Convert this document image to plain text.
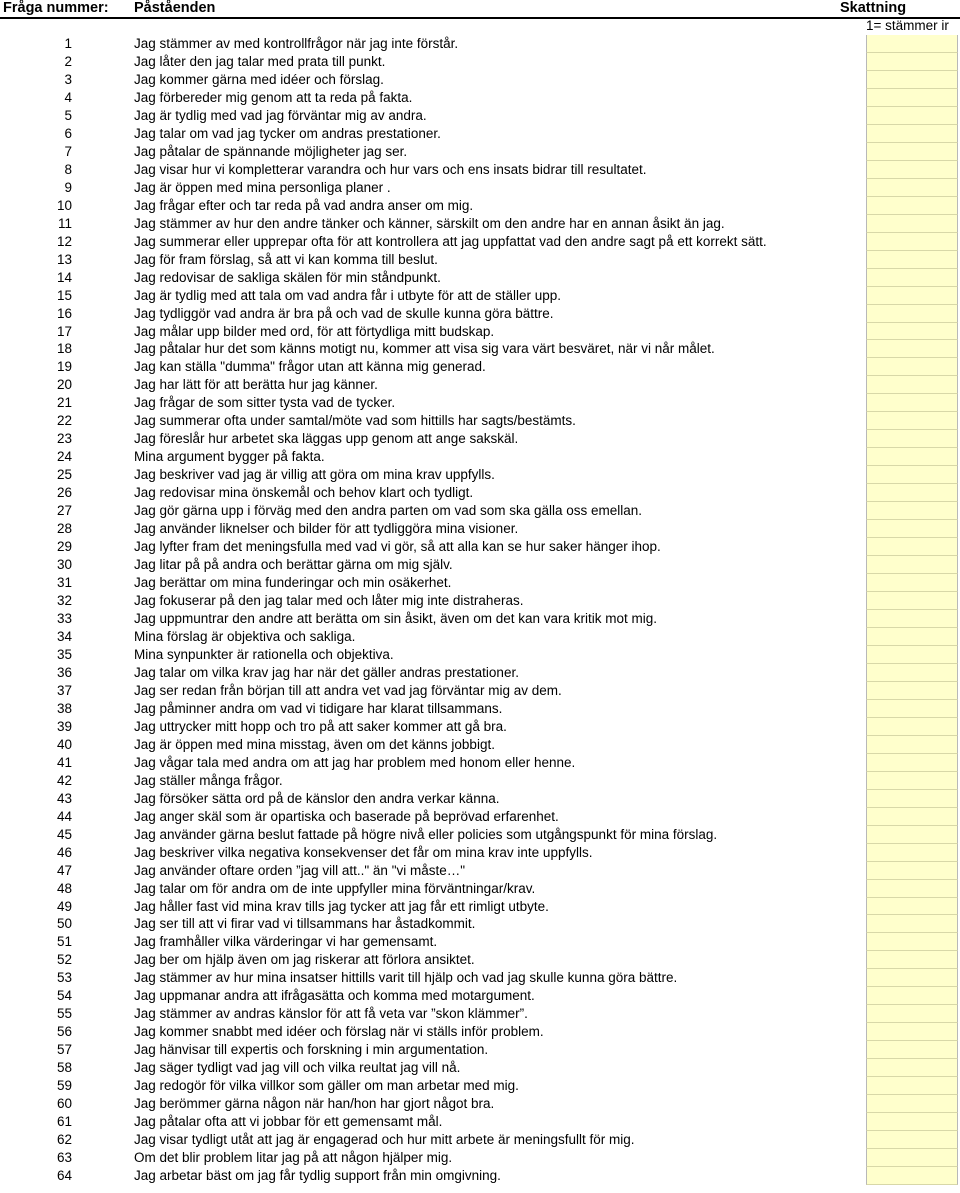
Fråga nummer: Påståenden	Skattning
1= stämmer ir
1	Jag stämmer av med kontrollfrågor när jag inte förstår.
2	Jag låter den jag talar med prata till punkt.
3	Jag kommer gärna med idéer och förslag.
4	Jag förbereder mig genom att ta reda på fakta.
5	Jag är tydlig med vad jag förväntar mig av andra.
6	Jag talar om vad jag tycker om andras prestationer.
7	Jag påtalar de spännande möjligheter jag ser.
8	Jag visar hur vi kompletterar varandra och hur vars och ens insats bidrar till resultatet.
9	Jag är öppen med mina personliga planer .
10	Jag frågar efter och tar reda på vad andra anser om mig.
11	Jag stämmer av hur den andre tänker och känner, särskilt om den andre har en annan åsikt än jag.
12	Jag summerar eller upprepar ofta för att kontrollera att jag uppfattat vad den andre sagt på ett korrekt sätt.
13	Jag för fram förslag, så att vi kan komma till beslut.
14	Jag redovisar de sakliga skälen för min ståndpunkt.
15	Jag är tydlig med att tala om vad andra får i utbyte för att de ställer upp.
16	Jag tydliggör vad andra är bra på och vad de skulle kunna göra bättre.
17	Jag målar upp bilder med ord, för att förtydliga mitt budskap.
18	Jag påtalar hur det som känns motigt nu, kommer att visa sig vara värt besväret, när vi når målet.
19	Jag kan ställa "dumma" frågor utan att känna mig generad.
20	Jag har lätt för att berätta hur jag känner.
21	Jag frågar de som sitter tysta vad de tycker.
22	Jag summerar ofta under samtal/möte vad som hittills har sagts/bestämts.
23	Jag föreslår hur arbetet ska läggas upp genom att ange sakskäl.
24	Mina argument bygger på fakta.
25	Jag beskriver vad jag är villig att göra om mina krav uppfylls.
26	Jag redovisar mina önskemål och behov klart och tydligt.
27	Jag gör gärna upp i förväg med den andra parten om vad som ska gälla oss emellan.
28	Jag använder liknelser och bilder för att tydliggöra mina visioner.
29	Jag lyfter fram det meningsfulla med vad vi gör, så att alla kan se hur saker hänger ihop.
30	Jag litar på på andra och berättar gärna om mig själv.
31	Jag berättar om mina funderingar och min osäkerhet.
32	Jag fokuserar på den jag talar med och låter mig inte distraheras.
33	Jag uppmuntrar den andre att berätta om sin åsikt, även om det kan vara kritik mot mig.
34	Mina förslag är objektiva och sakliga.
35	Mina synpunkter är rationella och objektiva.
36	Jag talar om vilka krav jag har när det gäller andras prestationer.
37	Jag ser redan från början till att andra vet vad jag förväntar mig av dem.
38	Jag påminner andra om vad vi tidigare har klarat tillsammans.
39	Jag uttrycker mitt hopp och tro på att saker kommer att gå bra.
40	Jag är öppen med mina misstag, även om det känns jobbigt.
41	Jag vågar tala med andra om att jag har problem med honom eller henne.
42	Jag ställer många frågor.
43	Jag försöker sätta ord på de känslor den andra verkar känna.
44	Jag anger skäl som är opartiska och baserade på beprövad erfarenhet.
45	Jag använder gärna beslut fattade på högre nivå eller policies som utgångspunkt för mina förslag.
46	Jag beskriver vilka negativa konsekvenser det får om mina krav inte uppfylls.
47	Jag använder oftare orden ”jag vill att.." än "vi måste…"
48	Jag talar om för andra om de inte uppfyller mina förväntningar/krav.
49	Jag håller fast vid mina krav tills jag tycker att jag får ett rimligt utbyte.
50	Jag ser till att vi firar vad vi tillsammans har åstadkommit.
51	Jag framhåller vilka värderingar vi har gemensamt.
52	Jag ber om hjälp även om jag riskerar att förlora ansiktet.
53	Jag stämmer av hur mina insatser hittills varit till hjälp och vad jag skulle kunna göra bättre.
54	Jag uppmanar andra att ifrågasätta och komma med motargument.
55	Jag stämmer av andras känslor för att få veta var ”skon klämmer”.
56	Jag kommer snabbt med idéer och förslag när vi ställs inför problem.
57	Jag hänvisar till expertis och forskning i min argumentation.
58	Jag säger tydligt vad jag vill och vilka reultat jag vill nå.
59	Jag redogör för vilka villkor som gäller om man arbetar med mig.
60	Jag berömmer gärna någon när han/hon har gjort något bra.
61	Jag påtalar ofta att vi jobbar för ett gemensamt mål.
62	Jag visar tydligt utåt att jag är engagerad och hur mitt arbete är meningsfullt för mig.
63	Om det blir problem litar jag på att någon hjälper mig.
64	Jag arbetar bäst om jag får tydlig support från min omgivning.
